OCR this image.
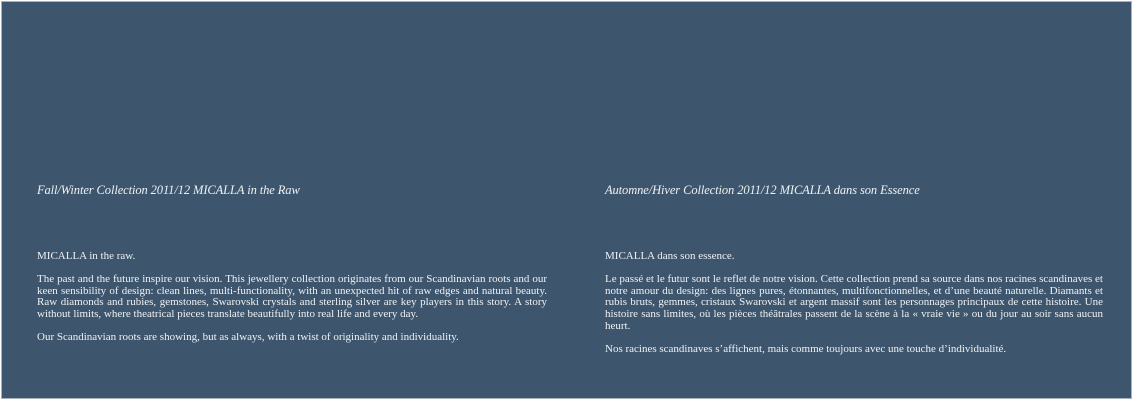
Fall/Winter Collection 2011/12 MICALLA in the Raw

MICALLA in the raw.

The past and the future inspire our vision. This jewellery collection originates from our Scandinavian roots and our keen sensibility of design: clean lines, multi-functionality, with an unexpected hit of raw edges and natural beauty. Raw diamonds and rubies, gemstones, Swarovski crystals and sterling silver are key players in this story. A story without limits, where theatrical pieces translate beautifully into real life and every day.

Our Scandinavian roots are showing, but as always, with a twist of originality and individuality.

Automne/Hiver Collection 2011/12 MICALLA dans son Essence

MICALLA dans son essence.

Le passé et le futur sont le reflet de notre vision. Cette collection prend sa source dans nos racines scandinaves et notre amour du design: des lignes pures, étonnantes, multifonctionnelles, et d’une beauté naturelle. Diamants et rubis bruts, gemmes, cristaux Swarovski et argent massif sont les personnages principaux de cette histoire. Une histoire sans limites, où les pièces théâtrales passent de la scène à la « vraie vie » ou du jour au soir sans aucun heurt.

Nos racines scandinaves s’affichent, mais comme toujours avec une touche d’individualité.
